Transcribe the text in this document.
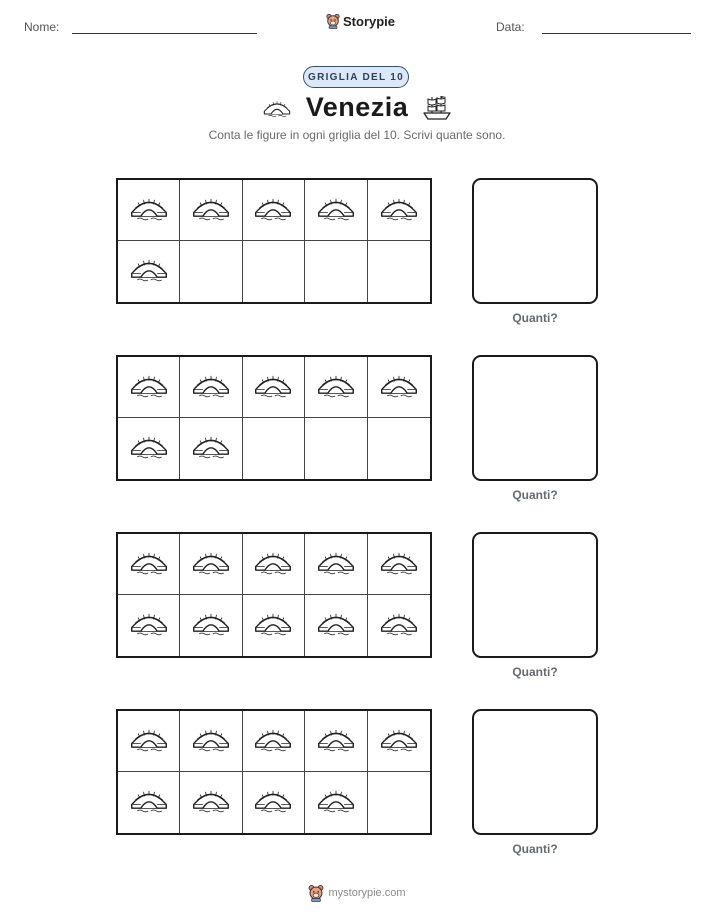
Nome:	Storypie	Data:
GRIGLIA DEL 10
Venezia
Conta le figure in ogni griglia del 10. Scrivi quante sono.
Quanti?
Quanti?
Quanti?
Quanti?
mystorypie.com
